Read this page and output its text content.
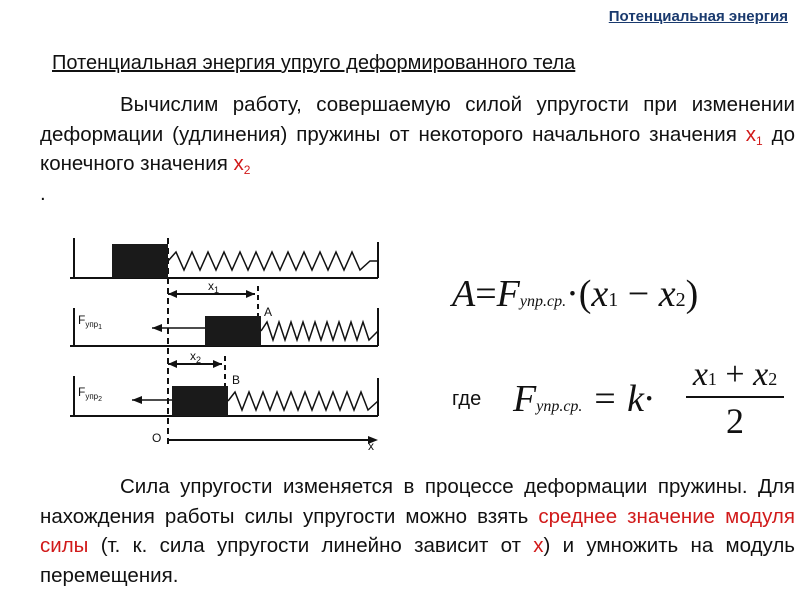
Потенциальная энергия
Потенциальная энергия упруго деформированного тела
Вычислим работу, совершаемую силой упругости при изменении деформации (удлинения) пружины от некоторого начального значения x1 до конечного значения x2
.
$x_1$
$x_2$
$F_{упр}1$
$F_{упр}2$
A
B
O
x
A=Fупр.ср.·(x1 − x2)
где Fупр.ср. = k·
x1 + x2
2
Сила упругости изменяется в процессе деформации пружины. Для нахождения работы силы упругости можно взять среднее значение модуля силы (т. к. сила упругости линейно зависит от x) и умножить на модуль перемещения.
